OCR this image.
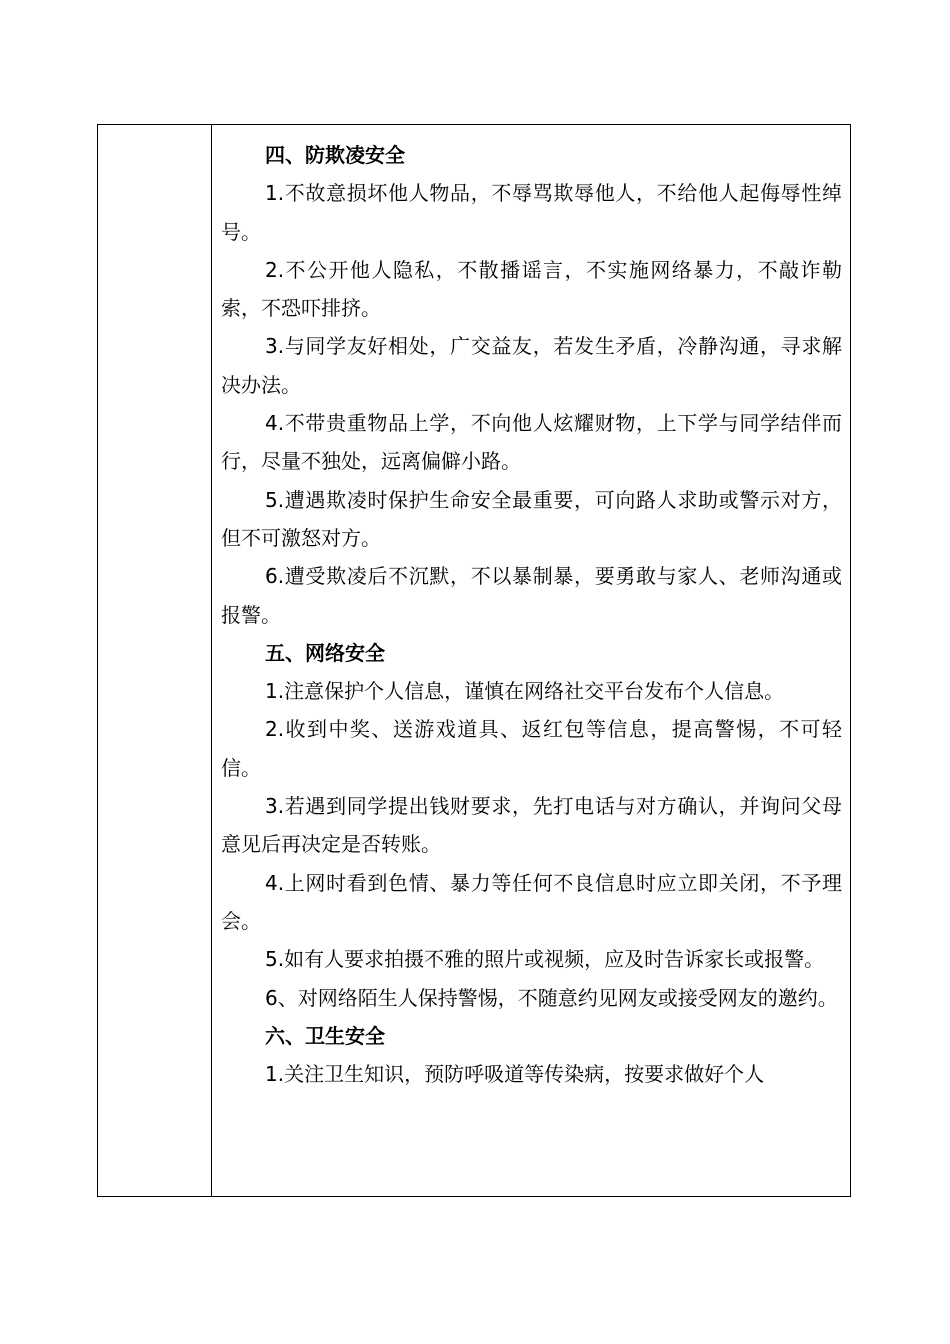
四、防欺凌安全

1.不故意损坏他人物品，不辱骂欺辱他人，不给他人起侮辱性绰号。

2.不公开他人隐私，不散播谣言，不实施网络暴力，不敲诈勒索，不恐吓排挤。

3.与同学友好相处，广交益友，若发生矛盾，冷静沟通，寻求解决办法。

4.不带贵重物品上学，不向他人炫耀财物，上下学与同学结伴而行，尽量不独处，远离偏僻小路。

5.遭遇欺凌时保护生命安全最重要，可向路人求助或警示对方，但不可激怒对方。

6.遭受欺凌后不沉默，不以暴制暴，要勇敢与家人、老师沟通或报警。

五、网络安全

1.注意保护个人信息，谨慎在网络社交平台发布个人信息。

2.收到中奖、送游戏道具、返红包等信息，提高警惕，不可轻信。

3.若遇到同学提出钱财要求，先打电话与对方确认，并询问父母意见后再决定是否转账。

4.上网时看到色情、暴力等任何不良信息时应立即关闭，不予理会。

5.如有人要求拍摄不雅的照片或视频，应及时告诉家长或报警。

6、对网络陌生人保持警惕，不随意约见网友或接受网友的邀约。

六、卫生安全

1.关注卫生知识，预防呼吸道等传染病，按要求做好个人
